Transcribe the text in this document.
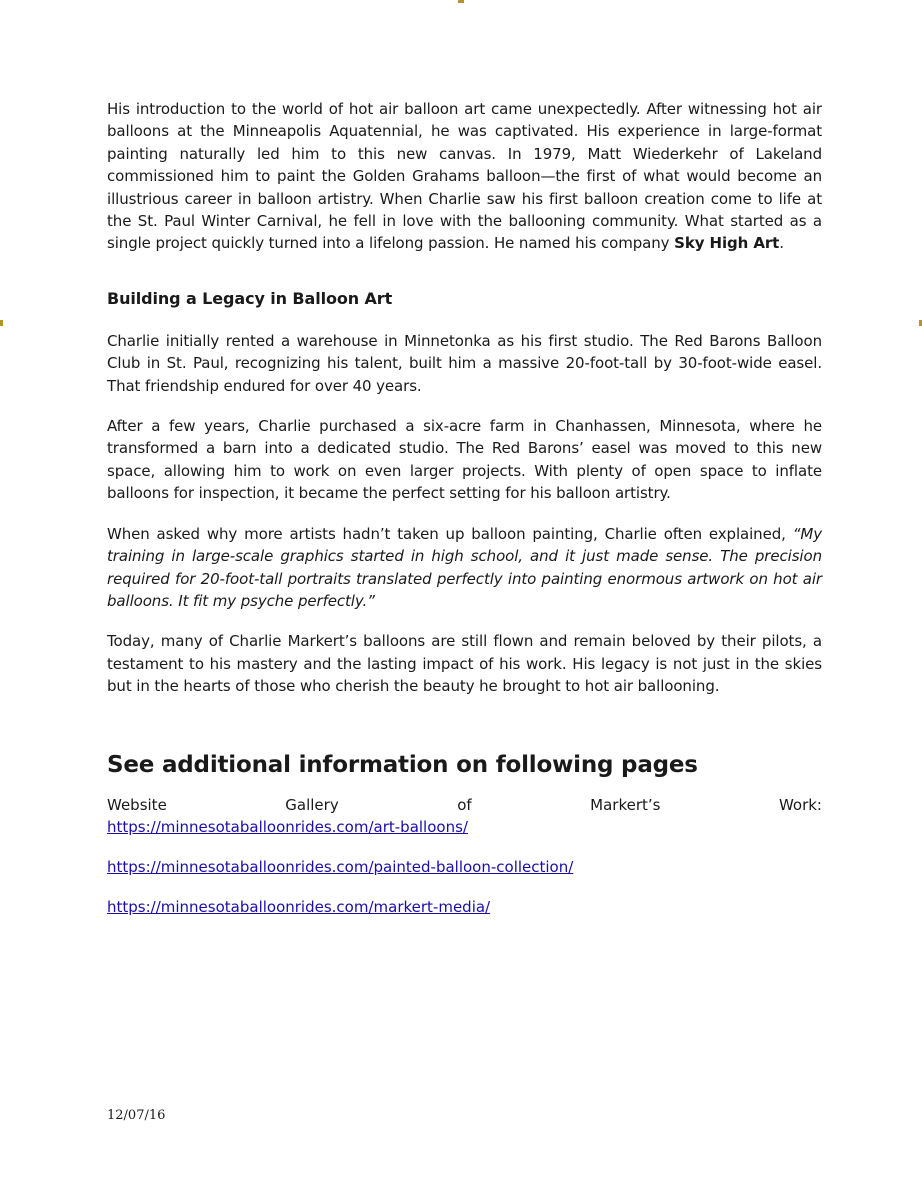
His introduction to the world of hot air balloon art came unexpectedly. After witnessing hot air balloons at the Minneapolis Aquatennial, he was captivated. His experience in large-format painting naturally led him to this new canvas. In 1979, Matt Wiederkehr of Lakeland commissioned him to paint the Golden Grahams balloon—the first of what would become an illustrious career in balloon artistry. When Charlie saw his first balloon creation come to life at the St. Paul Winter Carnival, he fell in love with the ballooning community. What started as a single project quickly turned into a lifelong passion. He named his company Sky High Art.

Building a Legacy in Balloon Art

Charlie initially rented a warehouse in Minnetonka as his first studio. The Red Barons Balloon Club in St. Paul, recognizing his talent, built him a massive 20-foot-tall by 30-foot-wide easel. That friendship endured for over 40 years.

After a few years, Charlie purchased a six-acre farm in Chanhassen, Minnesota, where he transformed a barn into a dedicated studio. The Red Barons’ easel was moved to this new space, allowing him to work on even larger projects. With plenty of open space to inflate balloons for inspection, it became the perfect setting for his balloon artistry.

When asked why more artists hadn’t taken up balloon painting, Charlie often explained, “My training in large-scale graphics started in high school, and it just made sense. The precision required for 20-foot-tall portraits translated perfectly into painting enormous artwork on hot air balloons. It fit my psyche perfectly.”

Today, many of Charlie Markert’s balloons are still flown and remain beloved by their pilots, a testament to his mastery and the lasting impact of his work. His legacy is not just in the skies but in the hearts of those who cherish the beauty he brought to hot air ballooning.

See additional information on following pages
Website	Gallery	of	Markert’s	Work:
https://minnesotaballoonrides.com/art-balloons/
https://minnesotaballoonrides.com/painted-balloon-collection/
https://minnesotaballoonrides.com/markert-media/
12/07/16
